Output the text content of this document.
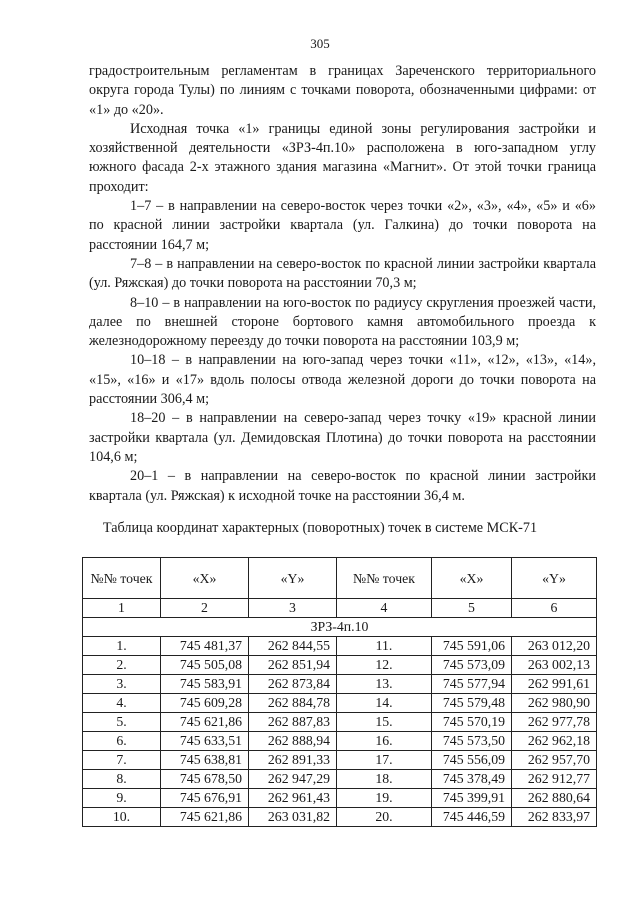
305

градостроительным регламентам в границах Зареченского территориального округа города Тулы) по линиям с точками поворота, обозначенными цифрами: от «1» до «20».

Исходная точка «1» границы единой зоны регулирования застройки и хозяйственной деятельности «ЗРЗ-4п.10» расположена в юго-западном углу южного фасада 2-х этажного здания магазина «Магнит». От этой точки граница проходит:

1–7 – в направлении на северо-восток через точки «2», «3», «4», «5» и «6» по красной линии застройки квартала (ул. Галкина) до точки поворота на расстоянии 164,7 м;

7–8 – в направлении на северо-восток по красной линии застройки квартала (ул. Ряжская) до точки поворота на расстоянии 70,3 м;

8–10 – в направлении на юго-восток по радиусу скругления проезжей части, далее по внешней стороне бортового камня автомобильного проезда к железнодорожному переезду до точки поворота на расстоянии 103,9 м;

10–18 – в направлении на юго-запад через точки «11», «12», «13», «14», «15», «16» и «17» вдоль полосы отвода железной дороги до точки поворота на расстоянии 306,4 м;

18–20 – в направлении на северо-запад через точку «19» красной линии застройки квартала (ул. Демидовская Плотина) до точки поворота на расстоянии 104,6 м;

20–1 – в направлении на северо-восток по красной линии застройки квартала (ул. Ряжская) к исходной точке на расстоянии 36,4 м.

Таблица координат характерных (поворотных) точек в системе МСК-71
№№ точек	«X»	«Y»	№№ точек	«X»	«Y»
1	2	3	4	5	6
ЗРЗ-4п.10					
1.	745 481,37	262 844,55	11.	745 591,06	263 012,20
2.	745 505,08	262 851,94	12.	745 573,09	263 002,13
3.	745 583,91	262 873,84	13.	745 577,94	262 991,61
4.	745 609,28	262 884,78	14.	745 579,48	262 980,90
5.	745 621,86	262 887,83	15.	745 570,19	262 977,78
6.	745 633,51	262 888,94	16.	745 573,50	262 962,18
7.	745 638,81	262 891,33	17.	745 556,09	262 957,70
8.	745 678,50	262 947,29	18.	745 378,49	262 912,77
9.	745 676,91	262 961,43	19.	745 399,91	262 880,64
10.	745 621,86	263 031,82	20.	745 446,59	262 833,97
